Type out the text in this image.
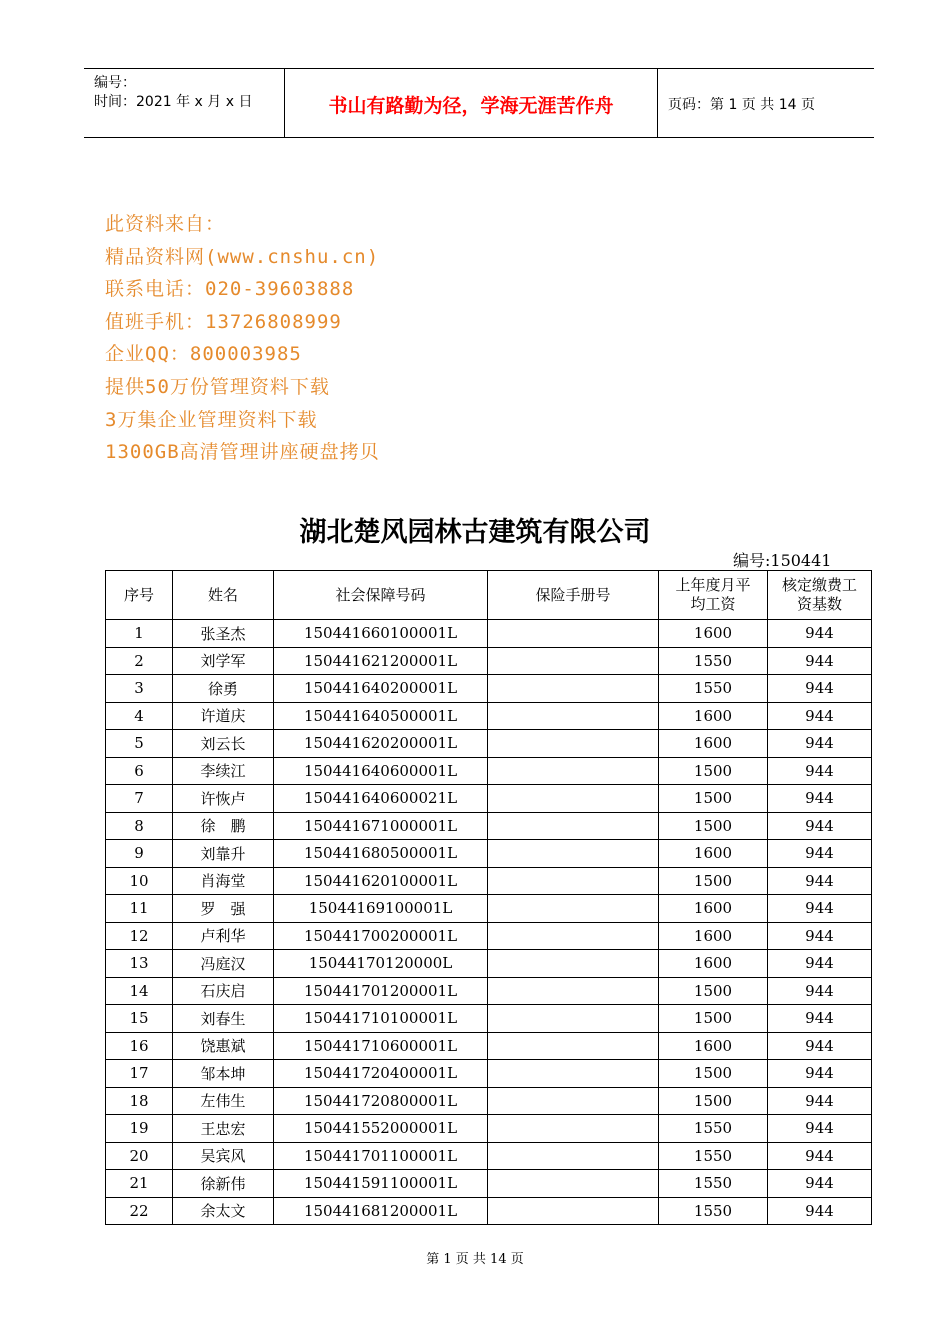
编号：
时间：2021 年 x 月 x 日	书山有路勤为径，学海无涯苦作舟	页码：第 1 页 共 14 页
此资料来自：
精品资料网(www.cnshu.cn)
联系电话：020-39603888
值班手机：13726808999
企业QQ：800003985
提供50万份管理资料下载
3万集企业管理资料下载
1300GB高清管理讲座硬盘拷贝
湖北楚风园林古建筑有限公司
编号:150441
序号	姓名	社会保障号码	保险手册号	上年度月平均工资	核定缴费工资基数
1	张圣杰	150441660100001L		1600	944
2	刘学军	150441621200001L		1550	944
3	徐勇	150441640200001L		1550	944
4	许道庆	150441640500001L		1600	944
5	刘云长	150441620200001L		1600	944
6	李续江	150441640600001L		1500	944
7	许恢卢	150441640600021L		1500	944
8	徐　鹏	150441671000001L		1500	944
9	刘靠升	150441680500001L		1600	944
10	肖海堂	150441620100001L		1500	944
11	罗　强	15044169100001L		1600	944
12	卢利华	150441700200001L		1600	944
13	冯庭汉	15044170120000L		1600	944
14	石庆启	150441701200001L		1500	944
15	刘春生	150441710100001L		1500	944
16	饶惠斌	150441710600001L		1600	944
17	邹本坤	150441720400001L		1500	944
18	左伟生	150441720800001L		1500	944
19	王忠宏	150441552000001L		1550	944
20	吴宾风	150441701100001L		1550	944
21	徐新伟	150441591100001L		1550	944
22	余太文	150441681200001L		1550	944
第 1 页 共 14 页
